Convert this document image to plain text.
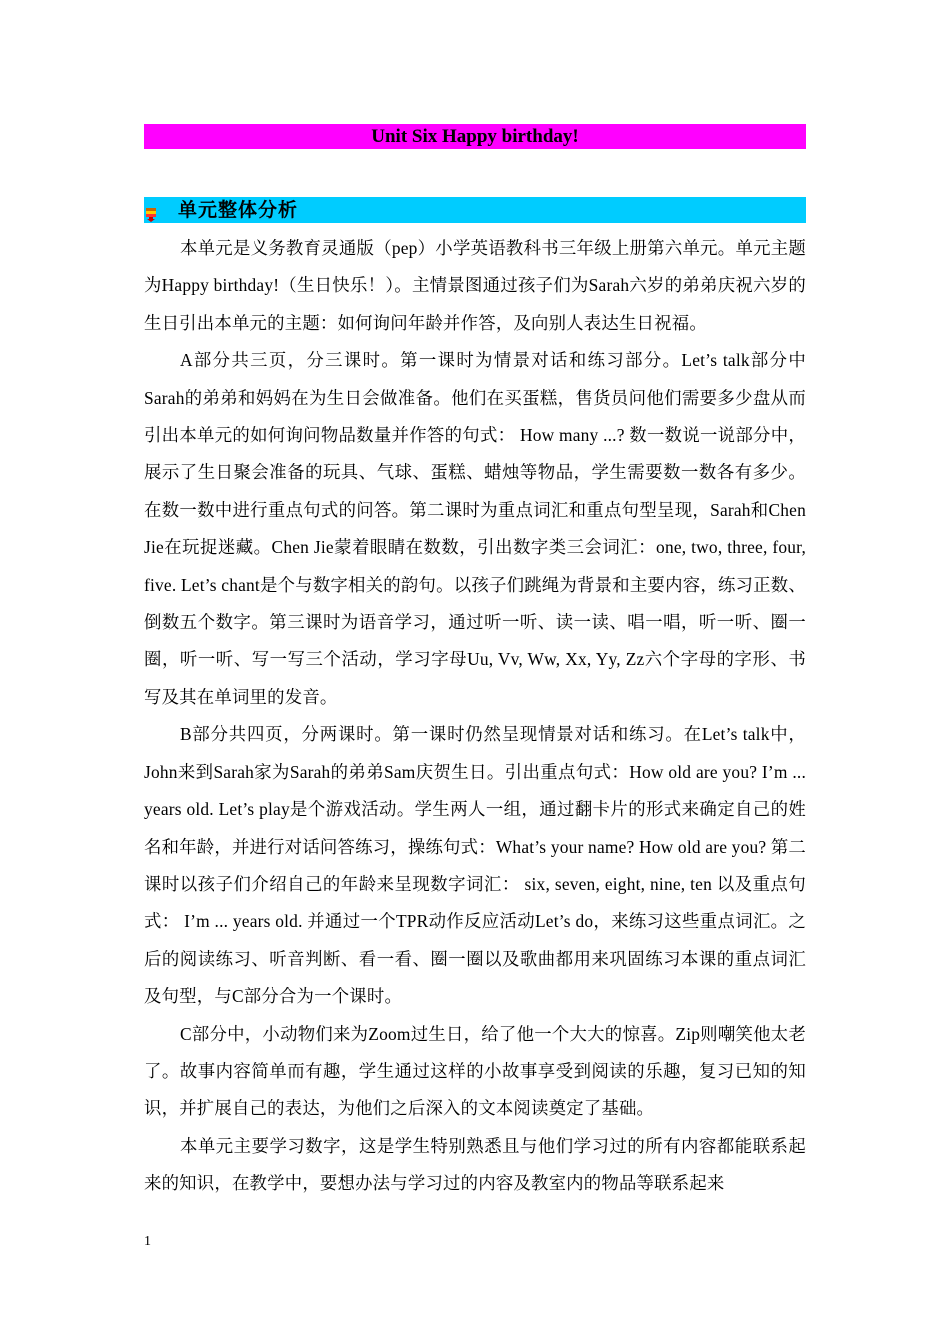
Unit Six Happy birthday!
单元整体分析

本单元是义务教育灵通版（pep）小学英语教科书三年级上册第六单元。单元主题为Happy birthday!（生日快乐！）。主情景图通过孩子们为Sarah六岁的弟弟庆祝六岁的生日引出本单元的主题：如何询问年龄并作答，及向别人表达生日祝福。

A部分共三页，分三课时。第一课时为情景对话和练习部分。Let’s talk部分中Sarah的弟弟和妈妈在为生日会做准备。他们在买蛋糕，售货员问他们需要多少盘从而引出本单元的如何询问物品数量并作答的句式： How many ...? 数一数说一说部分中，展示了生日聚会准备的玩具、气球、蛋糕、蜡烛等物品，学生需要数一数各有多少。在数一数中进行重点句式的问答。第二课时为重点词汇和重点句型呈现，Sarah和Chen Jie在玩捉迷藏。Chen Jie蒙着眼睛在数数，引出数字类三会词汇：one, two, three, four, five. Let’s chant是个与数字相关的韵句。以孩子们跳绳为背景和主要内容，练习正数、倒数五个数字。第三课时为语音学习，通过听一听、读一读、唱一唱，听一听、圈一圈，听一听、写一写三个活动，学习字母Uu, Vv, Ww, Xx, Yy, Zz六个字母的字形、书写及其在单词里的发音。

B部分共四页，分两课时。第一课时仍然呈现情景对话和练习。在Let’s talk中，John来到Sarah家为Sarah的弟弟Sam庆贺生日。引出重点句式：How old are you? I’m ... years old. Let’s play是个游戏活动。学生两人一组，通过翻卡片的形式来确定自己的姓名和年龄，并进行对话问答练习，操练句式：What’s your name? How old are you? 第二课时以孩子们介绍自己的年龄来呈现数字词汇： six, seven, eight, nine, ten 以及重点句式： I’m ... years old. 并通过一个TPR动作反应活动Let’s do，来练习这些重点词汇。之后的阅读练习、听音判断、看一看、圈一圈以及歌曲都用来巩固练习本课的重点词汇及句型，与C部分合为一个课时。

C部分中，小动物们来为Zoom过生日，给了他一个大大的惊喜。Zip则嘲笑他太老了。故事内容简单而有趣，学生通过这样的小故事享受到阅读的乐趣，复习已知的知识，并扩展自己的表达，为他们之后深入的文本阅读奠定了基础。

本单元主要学习数字，这是学生特别熟悉且与他们学习过的所有内容都能联系起来的知识，在教学中，要想办法与学习过的内容及教室内的物品等联系起来

1
